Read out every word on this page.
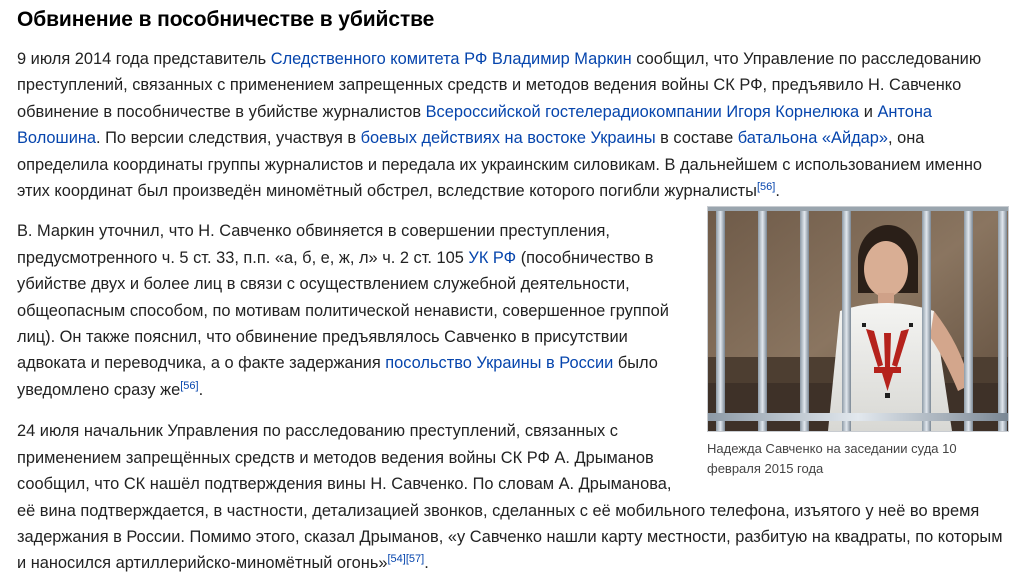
Обвинение в пособничестве в убийстве

9 июля 2014 года представитель Следственного комитета РФ Владимир Маркин сообщил, что Управление по расследованию преступлений, связанных с применением запрещенных средств и методов ведения войны СК РФ, предъявило Н. Савченко обвинение в пособничестве в убийстве журналистов Всероссийской гостелерадиокомпании Игоря Корнелюка и Антона Волошина. По версии следствия, участвуя в боевых действиях на востоке Украины в составе батальона «Айдар», она определила координаты группы журналистов и передала их украинским силовикам. В дальнейшем с использованием именно этих координат был произведён миномётный обстрел, вследствие которого погибли журналисты[56].

Надежда Савченко на заседании суда 10 февраля 2015 года

В. Маркин уточнил, что Н. Савченко обвиняется в совершении преступления, предусмотренного ч. 5 ст. 33, п.п. «а, б, е, ж, л» ч. 2 ст. 105 УК РФ (пособничество в убийстве двух и более лиц в связи с осуществлением служебной деятельности, общеопасным способом, по мотивам политической ненависти, совершенное группой лиц). Он также пояснил, что обвинение предъявлялось Савченко в присутствии адвоката и переводчика, а о факте задержания посольство Украины в России было уведомлено сразу же[56].

24 июля начальник Управления по расследованию преступлений, связанных с применением запрещённых средств и методов ведения войны СК РФ А. Дрыманов сообщил, что СК нашёл подтверждения вины Н. Савченко. По словам А. Дрыманова, её вина подтверждается, в частности, детализацией звонков, сделанных с её мобильного телефона, изъятого у неё во время задержания в России. Помимо этого, сказал Дрыманов, «у Савченко нашли карту местности, разбитую на квадраты, по которым и наносился артиллерийско-миномётный огонь»[54][57].
